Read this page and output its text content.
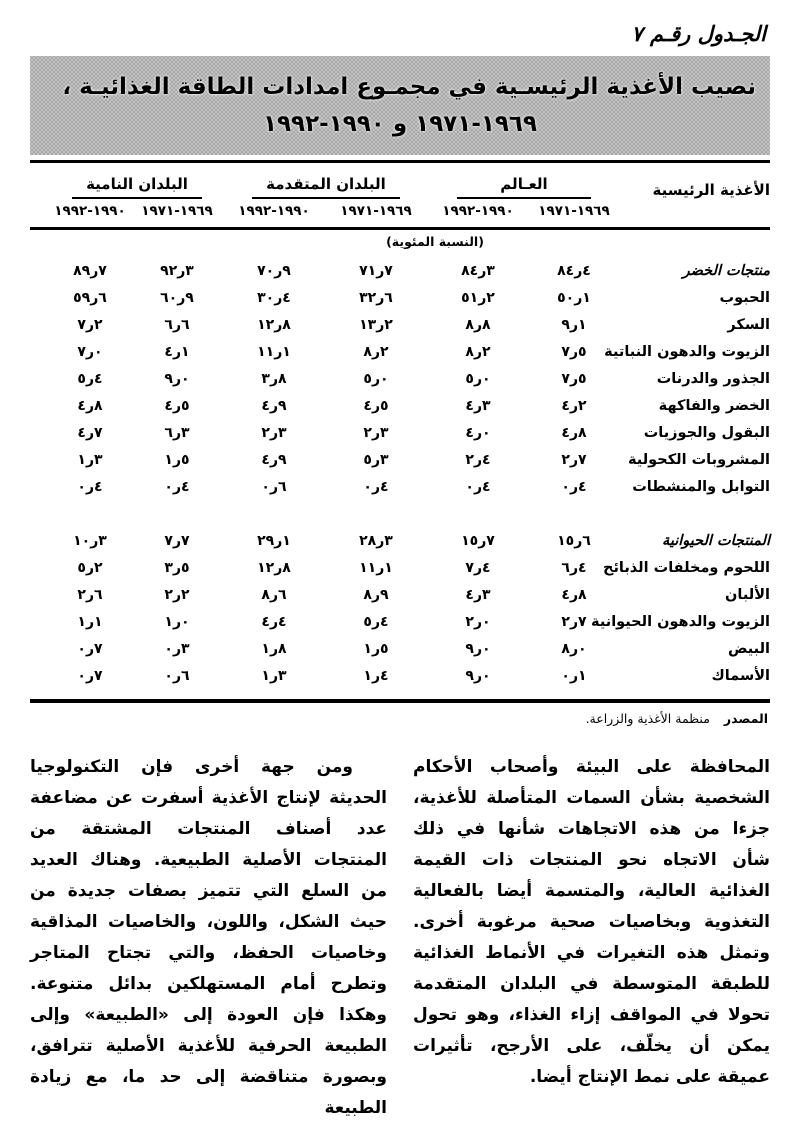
الجـدول رقـم ٧
نصيب الأغذية الرئيسـية في مجمـوع امدادات الطاقة الغذائيـة ،
١٩٦٩-١٩٧١ و ١٩٩٠-١٩٩٢
الأغذية الرئيسية
العـالم
البلدان المتقدمة
البلدان النامية
١٩٦٩-١٩٧١
١٩٩٠-١٩٩٢
١٩٦٩-١٩٧١
١٩٩٠-١٩٩٢
١٩٦٩-١٩٧١
١٩٩٠-١٩٩٢
(النسبة المئوية)
منتجات الخضر
٨٤ر٤
٨٤ر٣
٧١ر٧
٧٠ر٩
٩٢ر٣
٨٩ر٧
الحبوب
٥٠ر١
٥١ر٢
٣٢ر٦
٣٠ر٤
٦٠ر٩
٥٩ر٦
السكر
٩ر١
٨ر٨
١٣ر٢
١٢ر٨
٦ر٦
٧ر٢
الزيوت والدهون النباتية
٧ر٥
٨ر٢
٨ر٢
١١ر١
٤ر١
٧ر٠
الجذور والدرنات
٧ر٥
٥ر٠
٥ر٠
٣ر٨
٩ر٠
٥ر٤
الخضر والفاكهة
٤ر٢
٤ر٣
٤ر٥
٤ر٩
٤ر٥
٤ر٨
البقول والجوزيات
٤ر٨
٤ر٠
٢ر٣
٢ر٣
٦ر٣
٤ر٧
المشروبات الكحولية
٢ر٧
٢ر٤
٥ر٣
٤ر٩
١ر٥
١ر٣
التوابل والمنشطات
٠ر٤
٠ر٤
٠ر٤
٠ر٦
٠ر٤
٠ر٤
المنتجات الحيوانية
١٥ر٦
١٥ر٧
٢٨ر٣
٢٩ر١
٧ر٧
١٠ر٣
اللحوم ومخلفات الذبائح
٦ر٤
٧ر٤
١١ر١
١٢ر٨
٣ر٥
٥ر٢
الألبان
٤ر٨
٤ر٣
٨ر٩
٨ر٦
٢ر٢
٢ر٦
الزيوت والدهون الحيوانية
٢ر٧
٢ر٠
٥ر٤
٤ر٤
١ر٠
١ر١
البيض
٨ر٠
٩ر٠
١ر٥
١ر٨
٠ر٣
٠ر٧
الأسماك
٠ر١
٩ر٠
١ر٤
١ر٣
٠ر٦
٠ر٧
المصدرمنظمة الأغذية والزراعة.
المحافظة على البيئة وأصحاب الأحكام الشخصية بشأن السمات المتأصلة للأغذية، جزءا من هذه الاتجاهات شأنها في ذلك شأن الاتجاه نحو المنتجات ذات القيمة الغذائية العالية، والمتسمة أيضا بالفعالية التغذوية وبخاصيات صحية مرغوبة أخرى. وتمثل هذه التغيرات في الأنماط الغذائية للطبقة المتوسطة في البلدان المتقدمة تحولا في المواقف إزاء الغذاء، وهو تحول يمكن أن يخلّف، على الأرجح، تأثيرات عميقة على نمط الإنتاج أيضا.
ومن جهة أخرى فإن التكنولوجيا الحديثة لإنتاج الأغذية أسفرت عن مضاعفة عدد أصناف المنتجات المشتقة من المنتجات الأصلية الطبيعية. وهناك العديد من السلع التي تتميز بصفات جديدة من حيث الشكل، واللون، والخاصيات المذاقية وخاصيات الحفظ، والتي تجتاح المتاجر وتطرح أمام المستهلكين بدائل متنوعة. وهكذا فإن العودة إلى «الطبيعة» وإلى الطبيعة الحرفية للأغذية الأصلية تترافق، وبصورة متناقضة إلى حد ما، مع زيادة الطبيعة
